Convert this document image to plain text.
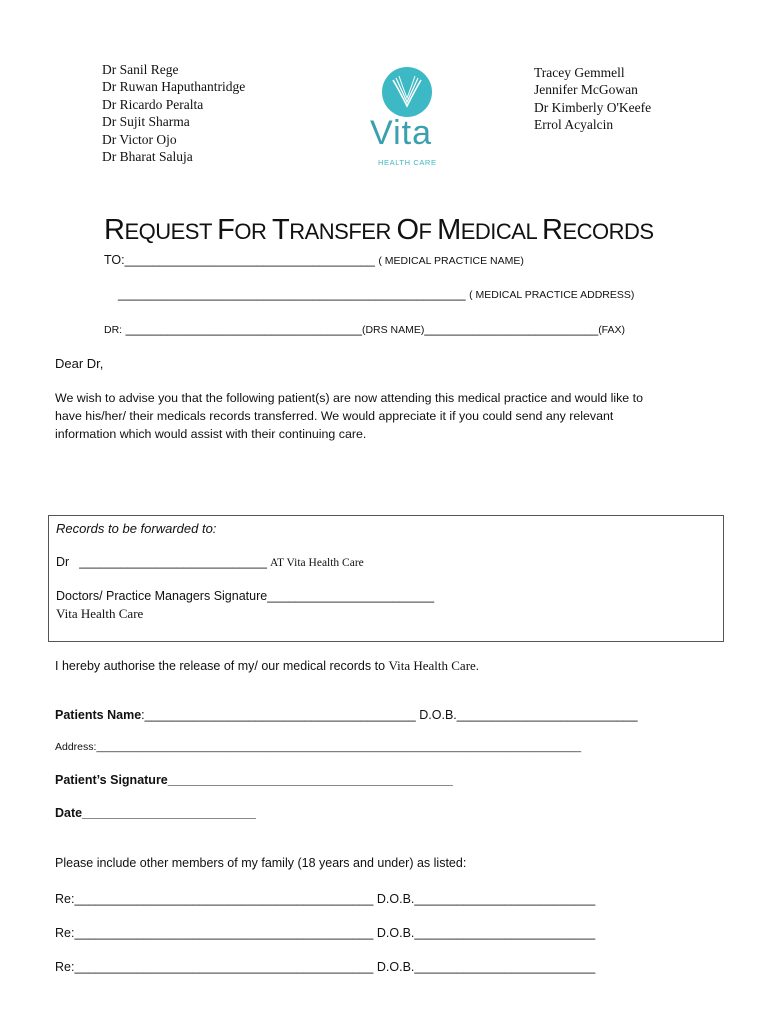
Dr Sanil Rege
Dr Ruwan Haputhantridge
Dr Ricardo Peralta
Dr Sujit Sharma
Dr Victor Ojo
Dr Bharat Saluja
Tracey Gemmell
Jennifer McGowan
Dr Kimberly O'Keefe
Errol Acyalcin
Vita
HEALTH CARE
REQUEST FOR TRANSFER OF MEDICAL RECORDS
TO:____________________________________ ( MEDICAL PRACTICE NAME)
__________________________________________________ ( MEDICAL PRACTICE ADDRESS)
DR: __________________________________(DRS NAME)_________________________(FAX)
Dear Dr,
We wish to advise you that the following patient(s) are now attending this medical practice and would like to
have his/her/ their medicals records transferred. We would appreciate it if you could send any relevant
information which would assist with their continuing care.
Records to be forwarded to:
Dr ___________________________ AT Vita Health Care
Doctors/ Practice Managers Signature________________________
Vita Health Care
I hereby authorise the release of my/ our medical records to Vita Health Care.
Patients Name:_______________________________________ D.O.B.__________________________
Address:___________________________________________________________________________________
Patient’s Signature_________________________________________
Date_________________________
Please include other members of my family (18 years and under) as listed:
Re:___________________________________________ D.O.B.__________________________
Re:___________________________________________ D.O.B.__________________________
Re:___________________________________________ D.O.B.__________________________
